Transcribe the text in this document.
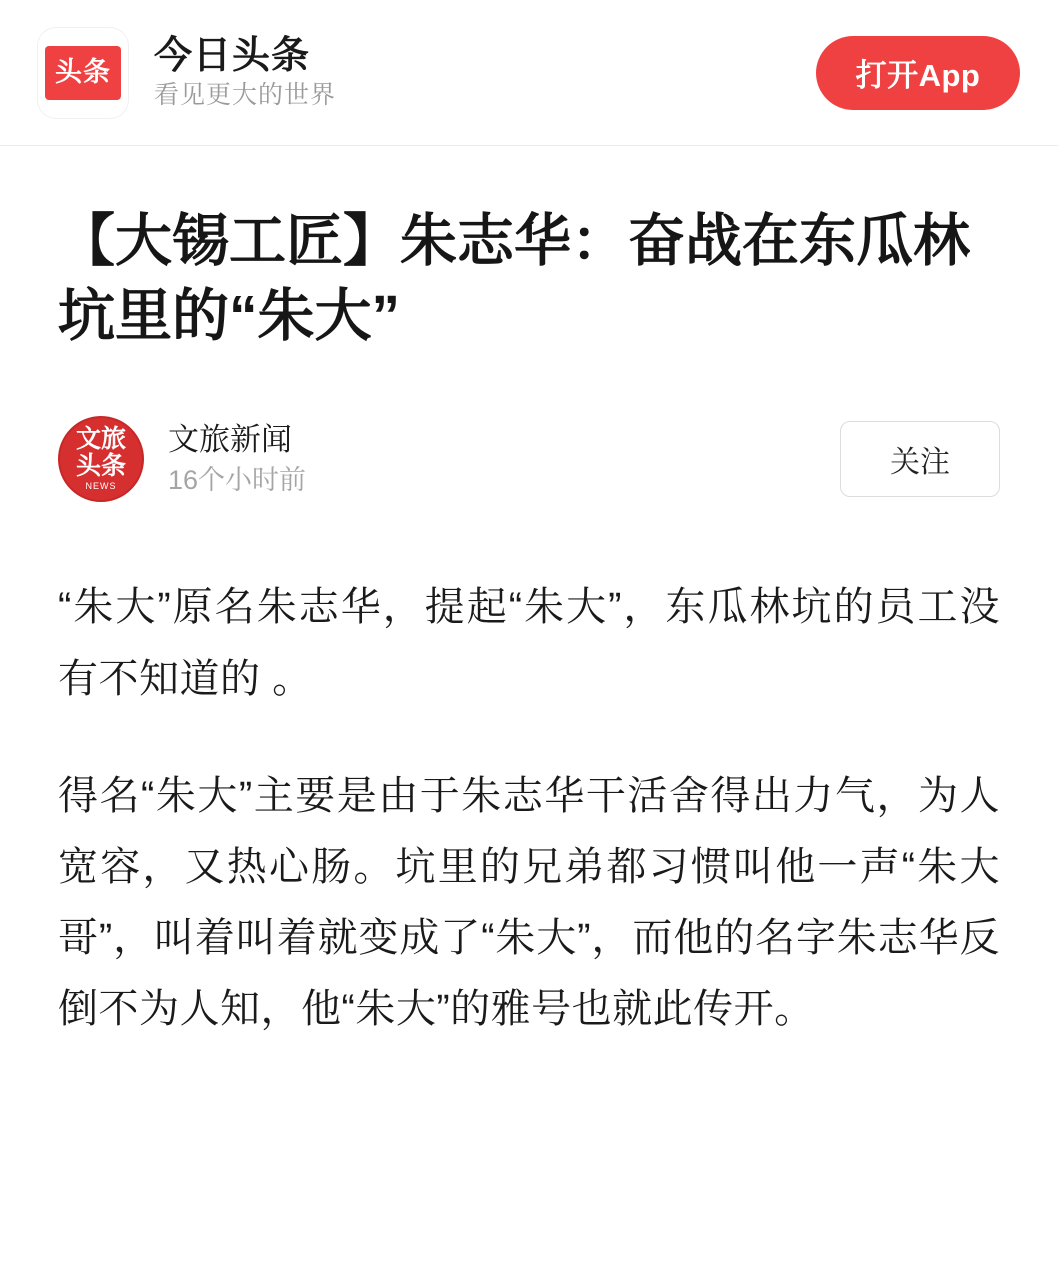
头条 今日头条
看见更大的世界
打开App
【大锡工匠】朱志华：奋战在东瓜林坑里的“朱大”
文旅
头条
NEWS
文旅新闻
16个小时前
关注

“朱大”原名朱志华，提起“朱大”，东瓜林坑的员工没有不知道的 。

得名“朱大”主要是由于朱志华干活舍得出力气，为人宽容，又热心肠。坑里的兄弟都习惯叫他一声“朱大哥”，叫着叫着就变成了“朱大”，而他的名字朱志华反倒不为人知，他“朱大”的雅号也就此传开。
